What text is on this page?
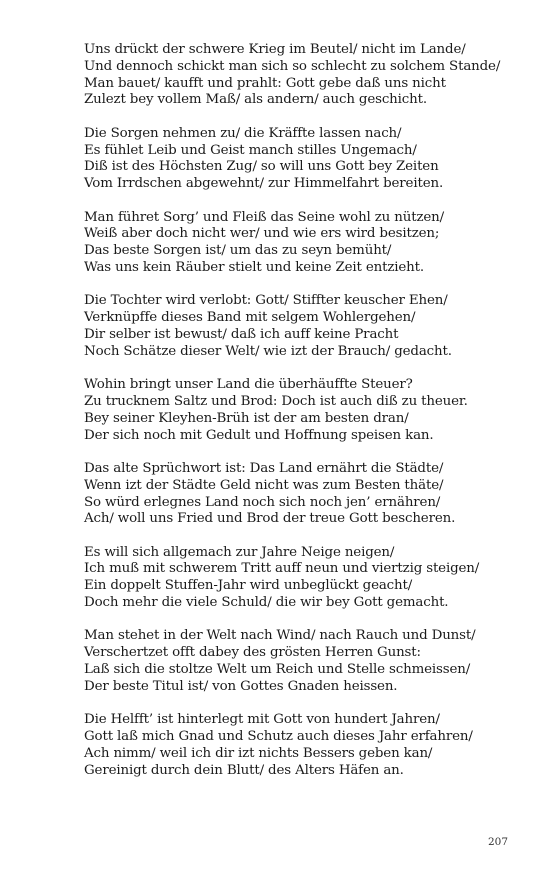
Uns drückt der schwere Krieg im Beutel/ nicht im Lande/
Und dennoch schickt man sich so schlecht zu solchem Stande/
Man bauet/ kaufft und prahlt: Gott gebe daß uns nicht
Zulezt bey vollem Maß/ als andern/ auch geschicht.
Die Sorgen nehmen zu/ die Kräffte lassen nach/
Es fühlet Leib und Geist manch stilles Ungemach/
Diß ist des Höchsten Zug/ so will uns Gott bey Zeiten
Vom Irrdschen abgewehnt/ zur Himmelfahrt bereiten.
Man führet Sorg’ und Fleiß das Seine wohl zu nützen/
Weiß aber doch nicht wer/ und wie ers wird besitzen;
Das beste Sorgen ist/ um das zu seyn bemüht/
Was uns kein Räuber stielt und keine Zeit entzieht.
Die Tochter wird verlobt: Gott/ Stiffter keuscher Ehen/
Verknüpffe dieses Band mit selgem Wohlergehen/
Dir selber ist bewust/ daß ich auff keine Pracht
Noch Schätze dieser Welt/ wie izt der Brauch/ gedacht.
Wohin bringt unser Land die überhäuffte Steuer?
Zu trucknem Saltz und Brod: Doch ist auch diß zu theuer.
Bey seiner Kleyhen-Brüh ist der am besten dran/
Der sich noch mit Gedult und Hoffnung speisen kan.
Das alte Sprüchwort ist: Das Land ernährt die Städte/
Wenn izt der Städte Geld nicht was zum Besten thäte/
So würd erlegnes Land noch sich noch jen’ ernähren/
Ach/ woll uns Fried und Brod der treue Gott bescheren.
Es will sich allgemach zur Jahre Neige neigen/
Ich muß mit schwerem Tritt auff neun und viertzig steigen/
Ein doppelt Stuffen-Jahr wird unbeglückt geacht/
Doch mehr die viele Schuld/ die wir bey Gott gemacht.
Man stehet in der Welt nach Wind/ nach Rauch und Dunst/
Verschertzet offt dabey des grösten Herren Gunst:
Laß sich die stoltze Welt um Reich und Stelle schmeissen/
Der beste Titul ist/ von Gottes Gnaden heissen.
Die Helfft’ ist hinterlegt mit Gott von hundert Jahren/
Gott laß mich Gnad und Schutz auch dieses Jahr erfahren/
Ach nimm/ weil ich dir izt nichts Bessers geben kan/
Gereinigt durch dein Blutt/ des Alters Häfen an.
207
